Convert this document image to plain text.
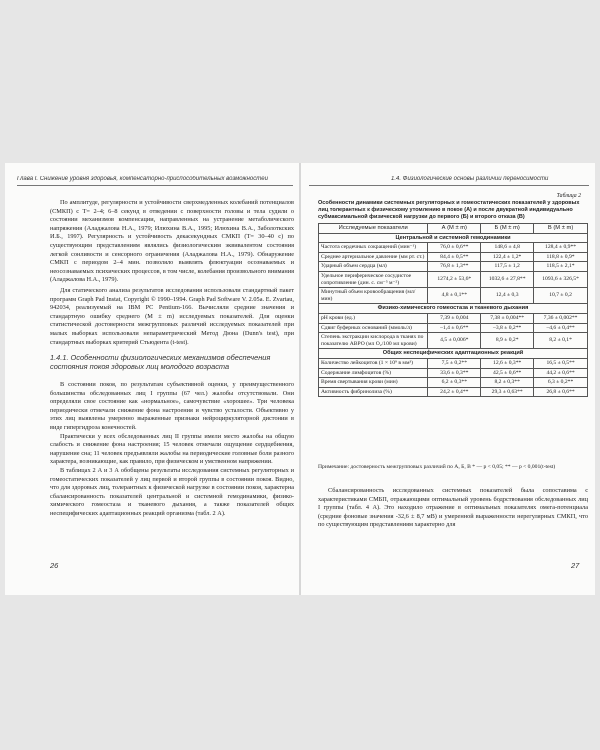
Глава I. Снижение уровня здоровья, компенсаторно-приспособительных возможностей

По амплитуде, регулярности и устойчивости сверхмедленных колебаний потенциалов (СМКП) с Т= 2–4; 6–8 секунд в отведении с поверхности головы и тела судили о состоянии механизмов компенсации, направленных на устранение метаболического напряжения (Аладжалова Н.А., 1979; Илюхина В.А., 1995; Илюхина В.А., Заболоткских И.Б., 1997). Регулярность и устойчивость декасекундных СМКП (Т= 30–40 с) по существующим представлениям являлись физиологическим эквивалентом состояния легкой сонливости и сенсорного ограничения (Аладжалова Н.А., 1979). Обнаружение СМКП с периодом 2–4 мин. позволяло выявлять флюктуации осознаваемых и неосознаваемых психических процессов, в том числе, колебания произвольного внимания (Аладжалова Н.А., 1979).

Для статического анализа результатов исследования использовали стандартный пакет программ Graph Pad Instat, Copyright © 1990–1994. Graph Pad Software V. 2.05a. E. Zvartau, 942034, реализуемый на IBM PC Pentium-166. Вычисляли средние значения и стандартную ошибку среднего (M ± m) исследуемых показателей. Для оценки статистической достоверности межгрупповых различий исследуемых показателей при малых выборках использовали непараметрический Метод Дюна (Dunn's test), при стандартных выборках критерий Стьюдента (t-test).

1.4.1. Особенности физиологических механизмов обеспечения состояния покоя здоровых лиц молодого возраста

В состоянии покоя, по результатам субъективной оценки, у преимущественного большинства обследованных лиц I группы (67 чел.) жалобы отсутствовали. Они определяли свое состояние как «нормальное», самочувствие «хорошее». Три человека периодически отмечали снижение фона настроения и чувство усталости. Объективно у этих лиц выявлены умеренно выраженные признаки нейроциркуляторной дистонии в виде гипергидроза конечностей.

Практически у всех обследованных лиц II группы имели место жалобы на общую слабость и снижение фона настроения; 15 человек отмечали ощущение сердцебиения, нарушение сна; 11 человек предъявляли жалобы на периодические головные боли разного характера, возникающие, как правило, при физическом и умственном напряжении.

В таблицах 2 А и 3 А обобщены результаты исследования системных регуляторных и гомеостатических показателей у лиц первой и второй группы в состоянии покоя. Видно, что для здоровых лиц, толерантных к физической нагрузке в состоянии покоя, характерна сбалансированность показателей центральной и системной гемодинамики, физико-химического гомеостаза и тканевого дыхания, а также показателей общих неспецифических адаптационных реакций организма (табл. 2 А).

26
1.4. Физиологические основы различий переносимости
Таблица 2
Особенности динамики системных регуляторных и гомеостатических показателей у здоровых лиц толерантных к физическому утомлению в покое (А) и после двукратной индивидуально субмаксимальной физической нагрузки до первого (Б) и второго отказа (В)
Исследуемые показатели	А (M ± m)	Б (M ± m)	В (M ± m)
Центральной и системной гемодинамики			
Частота сердечных сокращений (мин⁻¹)	76,0 ± 0,6**	148,6 ± 4,8	128,4 ± 0,9**
Среднее артериальное давление (мм рт. ст.)	84,4 ± 0,5**	122,4 ± 1,2*	118,8 ± 0,9*
Ударный объем сердца (мл)	76,8 ± 1,3**	117,5 ± 1,2	118,5 ± 2,1*
Удельное периферическое сосудистое сопротивление (дин. с. см⁻⁵ м⁻²)	1274,2 ± 53,6*	1032,6 ± 27,8**	1093,6 ± 326,5*
Минутный объем кровообращения (мл/мин)	4,8 ± 0,1**	12,4 ± 0,3	10,7 ± 0,2
Физико-химического гомеостаза и тканевого дыхания			
pH крови (ед.)	7,39 ± 0,004	7,38 ± 0,004**	7,36 ± 0,002**
Сдвиг буферных оснований (ммоль/л)	–1,4 ± 0,6**	–3,8 ± 0,2**	–4,6 ± 0,4**
Степень экстракции кислорода в тканях по показателю АВРО (мл О₂/100 мл крови)	4,5 ± 0,006*	8,9 ± 0,2*	8,2 ± 0,1*
Общих неспецифических адаптационных реакций			
Количество лейкоцитов (1 × 10⁹ в мм³)	7,5 ± 0,2**	12,6 ± 0,3**	16,5 ± 0,5**
Содержание лимфоцитов (%)	33,6 ± 0,3**	42,5 ± 0,6**	44,2 ± 0,6**
Время свертывания крови (мин)	6,2 ± 0,3**	8,2 ± 0,3**	6,3 ± 0,2**
Активность фибринолиза (%)	24,2 ± 0,4**	29,3 ± 0,63**	26,8 ± 0,6**
Примечание: достоверность межгрупповых различий по А, Б, В * — p < 0,05; ** — p < 0,001(t-test)

Сбалансированность исследованных системных показателей была сопоставима с характеристиками СМБП, отражающими оптимальный уровень бодрствования обследованных лиц I группы (табл. 4 А). Это находило отражение в оптимальных показателях омега-потенциала (средние фоновые значения -32,6 ± 8,7 мВ) и умеренной выраженности нерегулярных СМКП, что по существующим представлениям характерно для

27
